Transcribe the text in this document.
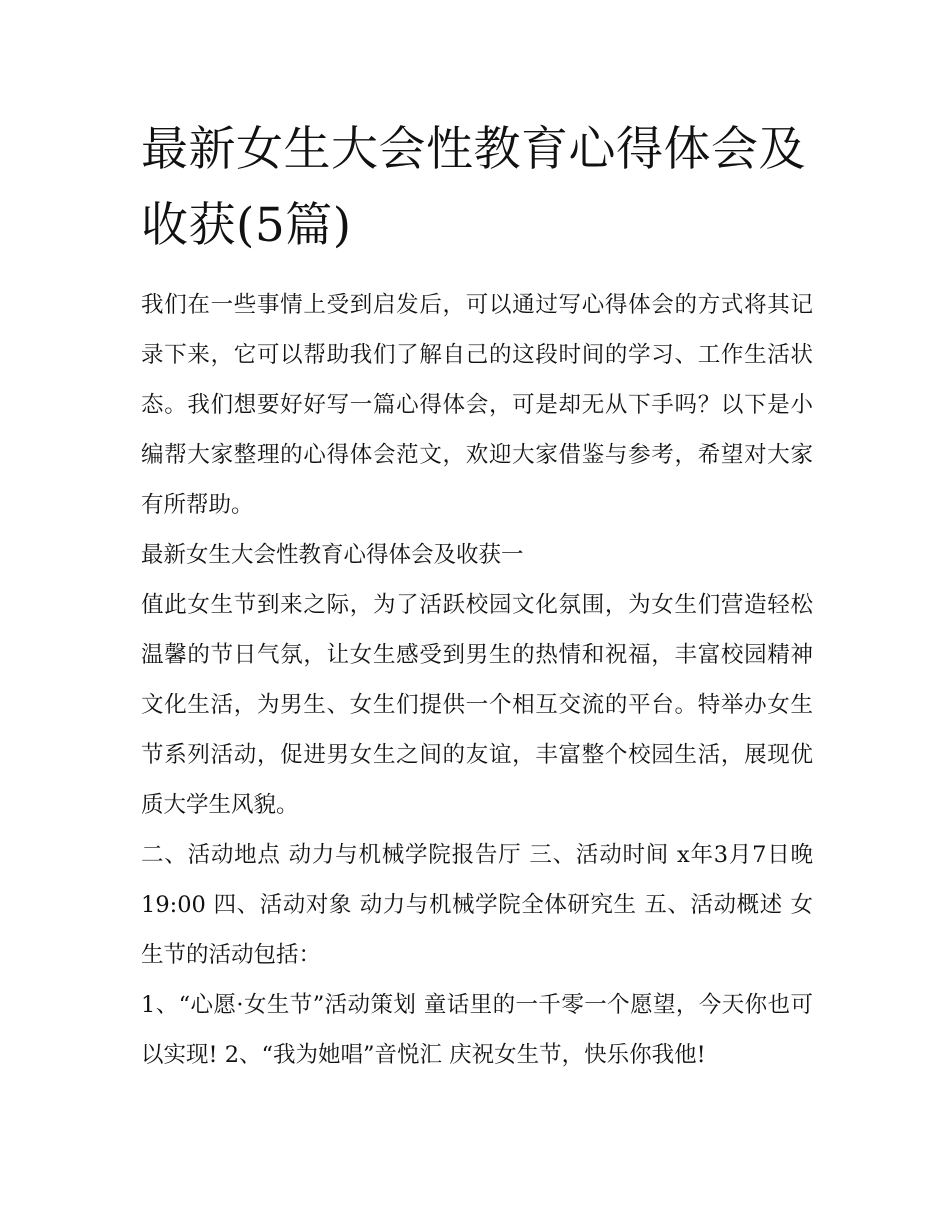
最新女生大会性教育心得体会及收获(5篇)

我们在一些事情上受到启发后，可以通过写心得体会的方式将其记录下来，它可以帮助我们了解自己的这段时间的学习、工作生活状态。我们想要好好写一篇心得体会，可是却无从下手吗？以下是小编帮大家整理的心得体会范文，欢迎大家借鉴与参考，希望对大家有所帮助。

最新女生大会性教育心得体会及收获一

值此女生节到来之际，为了活跃校园文化氛围，为女生们营造轻松温馨的节日气氛，让女生感受到男生的热情和祝福，丰富校园精神文化生活，为男生、女生们提供一个相互交流的平台。特举办女生节系列活动，促进男女生之间的友谊，丰富整个校园生活，展现优质大学生风貌。

二、活动地点 动力与机械学院报告厅 三、活动时间 x年3月7日晚19:00 四、活动对象 动力与机械学院全体研究生 五、活动概述 女生节的活动包括：

1、“心愿·女生节”活动策划 童话里的一千零一个愿望，今天你也可以实现! 2、“我为她唱”音悦汇 庆祝女生节，快乐你我他!
